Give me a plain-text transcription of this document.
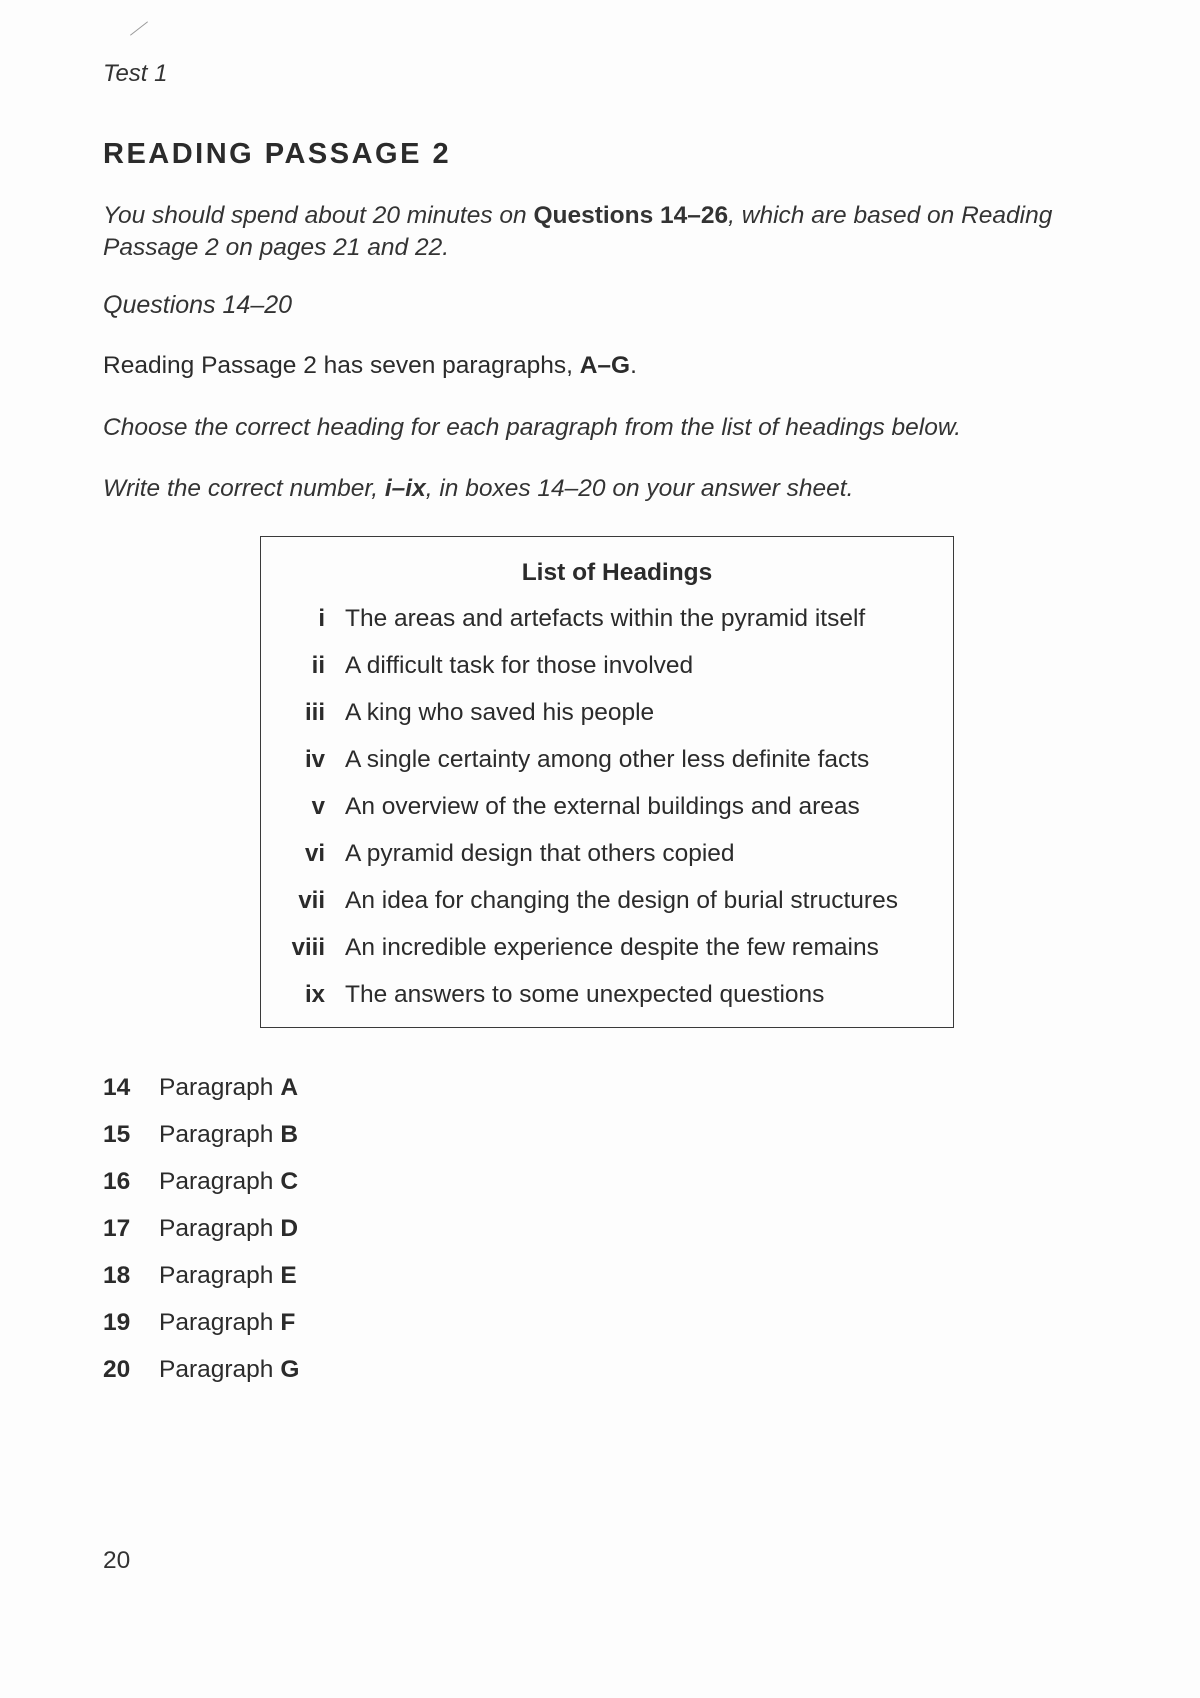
Test 1
READING PASSAGE 2
You should spend about 20 minutes on Questions 14–26, which are based on Reading Passage 2 on pages 21 and 22.
Questions 14–20
Reading Passage 2 has seven paragraphs, A–G.
Choose the correct heading for each paragraph from the list of headings below.
Write the correct number, i–ix, in boxes 14–20 on your answer sheet.
List of Headings
i The areas and artefacts within the pyramid itself
ii A difficult task for those involved
iii A king who saved his people
iv A single certainty among other less definite facts
v An overview of the external buildings and areas
vi A pyramid design that others copied
vii An idea for changing the design of burial structures
viii An incredible experience despite the few remains
ix The answers to some unexpected questions
14	Paragraph A
15	Paragraph B
16	Paragraph C
17	Paragraph D
18	Paragraph E
19	Paragraph F
20	Paragraph G
20
